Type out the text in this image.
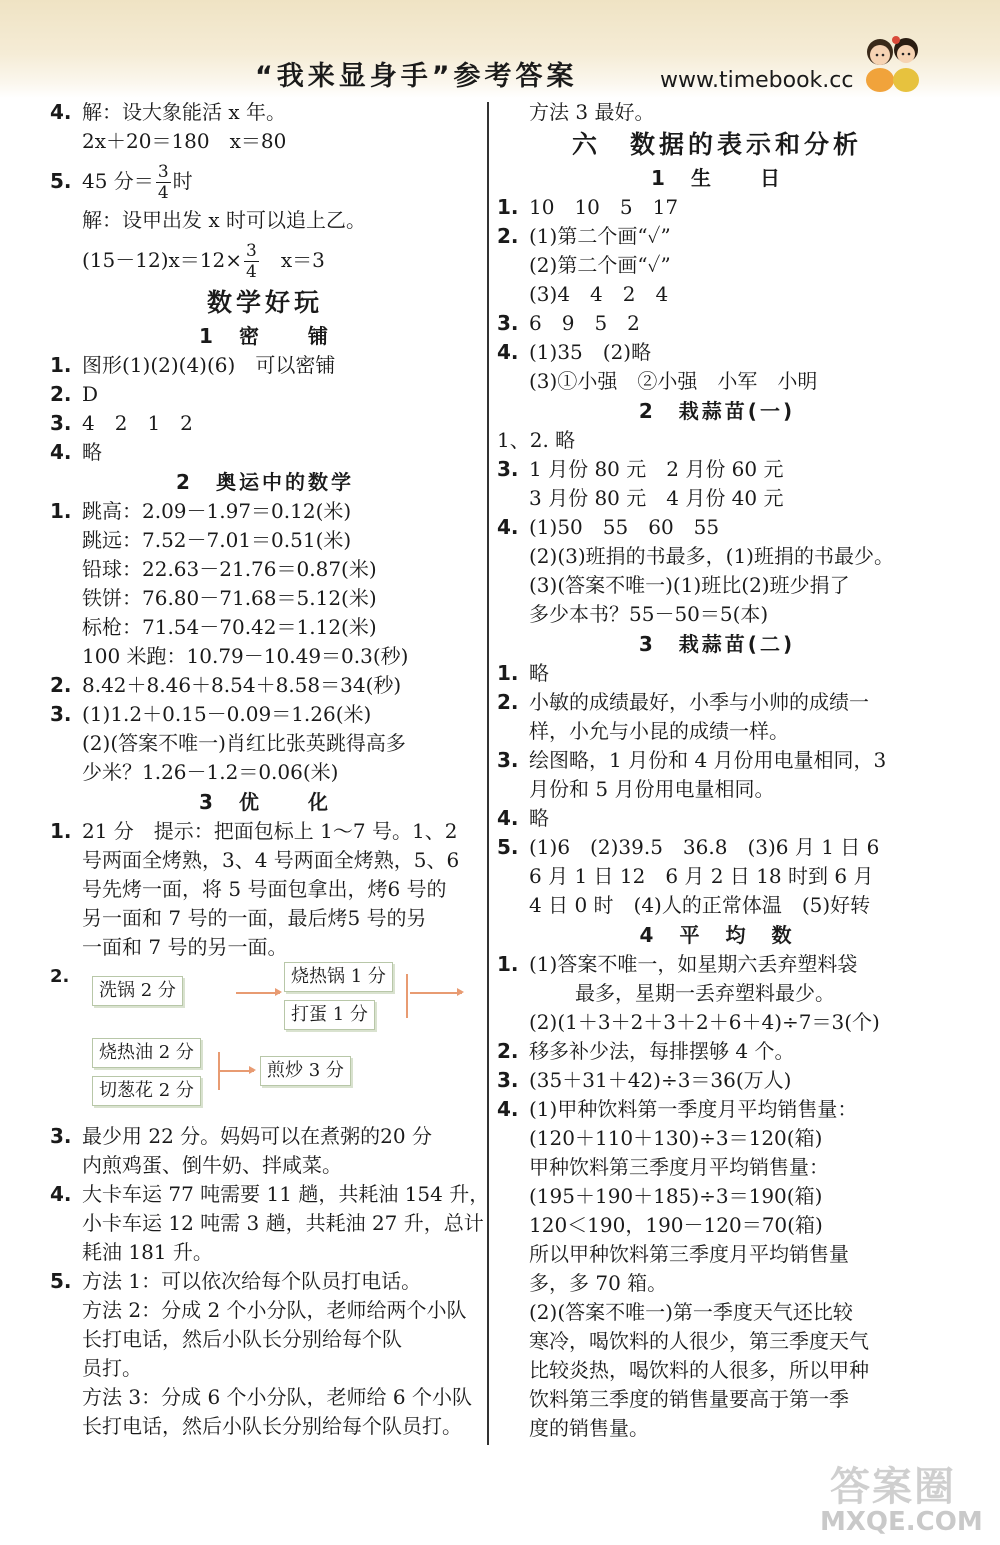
“我来显身手”参考答案	www.timebook.cc
4. 解：设大象能活 x 年。
2x＋20＝180　x＝80
5. 45 分＝ $\frac{3}{4}$ 时
解：设甲出发 x 时可以追上乙。
$(15-12)x=12\times \frac{3}{4}$ 　x＝3
数学好玩
1　密　　铺
1. 图形(1)(2)(4)(6)　可以密铺
2. D
3. 4　2　1　2
4. 略
2　奥运中的数学
1. 跳高：2.09－1.97＝0.12(米)
跳远：7.52－7.01＝0.51(米)
铅球：22.63－21.76＝0.87(米)
铁饼：76.80－71.68＝5.12(米)
标枪：71.54－70.42＝1.12(米)
100 米跑：10.79－10.49＝0.3(秒)
2. 8.42＋8.46＋8.54＋8.58＝34(秒)
3. (1)1.2＋0.15－0.09＝1.26(米)
(2)(答案不唯一)肖红比张英跳得高多
少米？1.26－1.2＝0.06(米)
3　优　　化
1. 21 分　提示：把面包标上 1～7 号。1、2
号两面全烤熟，3、4 号两面全烤熟，5、6
号先烤一面，将 5 号面包拿出，烤6 号的
另一面和 7 号的一面，最后烤5 号的另
一面和 7 号的另一面。
2.
洗锅 2 分
烧热锅 1 分
打蛋 1 分
烧热油 2 分
切葱花 2 分
煎炒 3 分
3. 最少用 22 分。妈妈可以在煮粥的20 分
内煎鸡蛋、倒牛奶、拌咸菜。
4. 大卡车运 77 吨需要 11 趟，共耗油 154 升，
小卡车运 12 吨需 3 趟，共耗油 27 升，总计
耗油 181 升。
5. 方法 1：可以依次给每个队员打电话。
方法 2：分成 2 个小分队，老师给两个小队
长打电话，然后小队长分别给每个队
员打。
方法 3：分成 6 个小分队，老师给 6 个小队
长打电话，然后小队长分别给每个队员打。
方法 3 最好。
六　数据的表示和分析
1　生　　日
1. 10　10　5　17
2. (1)第二个画“✓”
(2)第二个画“✓”
(3)4　4　2　4
3. 6　9　5　2
4. (1)35　(2)略
(3)①小强　②小强　小军　小明
2　栽蒜苗(一)
1、2. 略
3. 1 月份 80 元　2 月份 60 元
3 月份 80 元　4 月份 40 元
4. (1)50　55　60　55
(2)(3)班捐的书最多，(1)班捐的书最少。
(3)(答案不唯一)(1)班比(2)班少捐了
多少本书？55－50＝5(本)
3　栽蒜苗(二)
1. 略
2. 小敏的成绩最好，小季与小帅的成绩一
样，小允与小昆的成绩一样。
3. 绘图略，1 月份和 4 月份用电量相同，3
月份和 5 月份用电量相同。
4. 略
5. (1)6　(2)39.5　36.8　(3)6 月 1 日 6
6 月 1 日 12　6 月 2 日 18 时到 6 月
4 日 0 时　(4)人的正常体温　(5)好转
4　平　均　数
1. (1)答案不唯一，如星期六丢弃塑料袋
最多，星期一丢弃塑料最少。
(2)(1＋3＋2＋3＋2＋6＋4)÷7＝3(个)
2. 移多补少法，每排摆够 4 个。
3. (35＋31＋42)÷3＝36(万人)
4. (1)甲种饮料第一季度月平均销售量：
(120＋110＋130)÷3＝120(箱)
甲种饮料第三季度月平均销售量：
(195＋190＋185)÷3＝190(箱)
120＜190，190－120＝70(箱)
所以甲种饮料第三季度月平均销售量
多，多 70 箱。
(2)(答案不唯一)第一季度天气还比较
寒冷，喝饮料的人很少，第三季度天气
比较炎热，喝饮料的人很多，所以甲种
饮料第三季度的销售量要高于第一季
度的销售量。
答案圈
MXQE.COM
